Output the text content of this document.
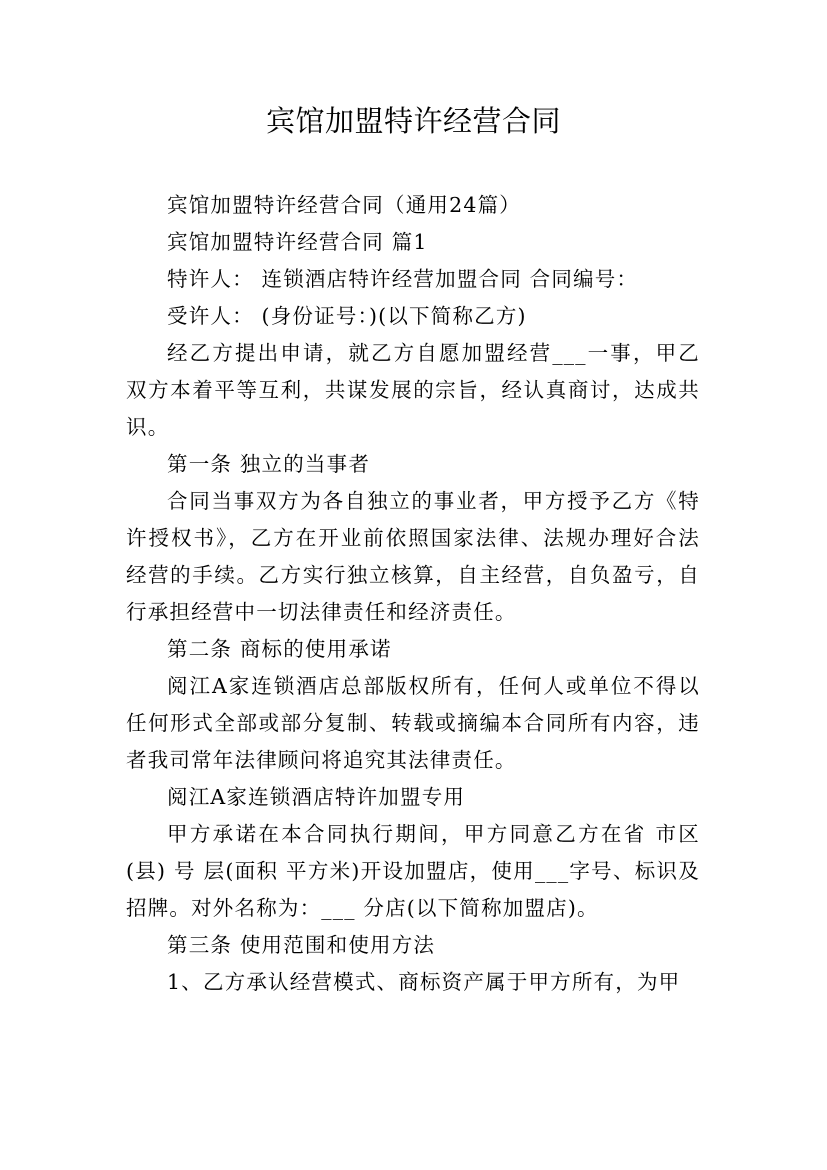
宾馆加盟特许经营合同

宾馆加盟特许经营合同（通用24篇）

宾馆加盟特许经营合同 篇1

特许人： 连锁酒店特许经营加盟合同 合同编号：

受许人： (身份证号：)(以下简称乙方)

经乙方提出申请，就乙方自愿加盟经营___一事，甲乙双方本着平等互利，共谋发展的宗旨，经认真商讨，达成共识。

第一条 独立的当事者

合同当事双方为各自独立的事业者，甲方授予乙方《特许授权书》，乙方在开业前依照国家法律、法规办理好合法经营的手续。乙方实行独立核算，自主经营，自负盈亏，自行承担经营中一切法律责任和经济责任。

第二条 商标的使用承诺

阅江A家连锁酒店总部版权所有，任何人或单位不得以任何形式全部或部分复制、转载或摘编本合同所有内容，违者我司常年法律顾问将追究其法律责任。

阅江A家连锁酒店特许加盟专用

甲方承诺在本合同执行期间，甲方同意乙方在省 市区(县) 号 层(面积 平方米)开设加盟店，使用___字号、标识及招牌。对外名称为：___ 分店(以下简称加盟店)。

第三条 使用范围和使用方法

1、乙方承认经营模式、商标资产属于甲方所有，为甲
